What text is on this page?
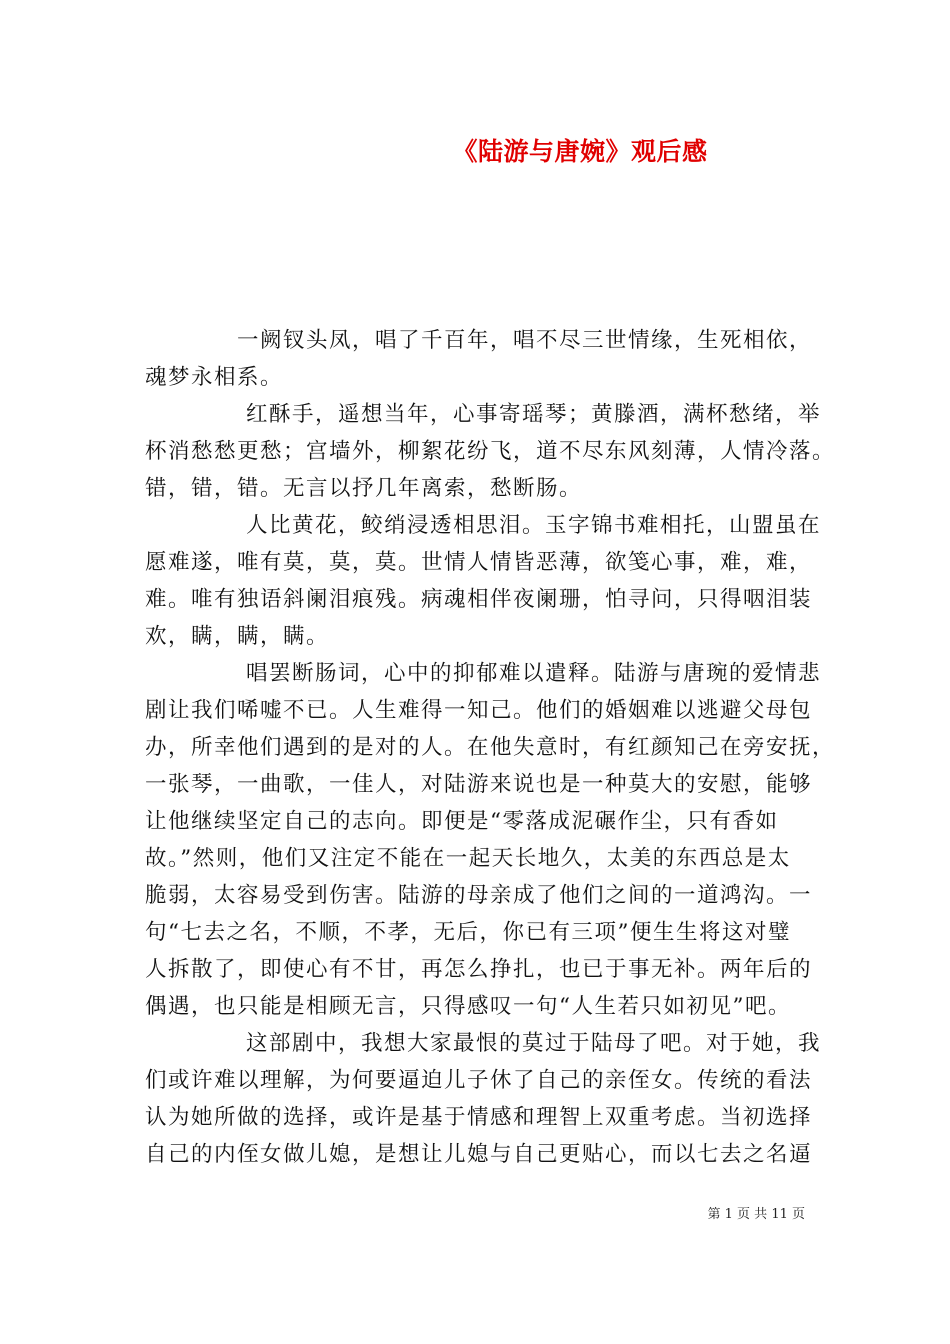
《陆游与唐婉》观后感
一阙钗头凤，唱了千百年，唱不尽三世情缘，生死相依，
魂梦永相系。
红酥手，遥想当年，心事寄瑶琴；黄滕酒，满杯愁绪，举
杯消愁愁更愁；宫墙外，柳絮花纷飞，道不尽东风刻薄，人情冷落。
错，错，错。无言以抒几年离索，愁断肠。
人比黄花，鲛绡浸透相思泪。玉字锦书难相托，山盟虽在
愿难遂，唯有莫，莫，莫。世情人情皆恶薄，欲笺心事，难，难，
难。唯有独语斜阑泪痕残。病魂相伴夜阑珊，怕寻问，只得咽泪装
欢，瞒，瞒，瞒。
唱罢断肠词，心中的抑郁难以遣释。陆游与唐琬的爱情悲
剧让我们唏嘘不已。人生难得一知己。他们的婚姻难以逃避父母包
办，所幸他们遇到的是对的人。在他失意时，有红颜知己在旁安抚，
一张琴，一曲歌，一佳人，对陆游来说也是一种莫大的安慰，能够
让他继续坚定自己的志向。即便是“零落成泥碾作尘，只有香如
故。”然则，他们又注定不能在一起天长地久，太美的东西总是太
脆弱，太容易受到伤害。陆游的母亲成了他们之间的一道鸿沟。一
句“七去之名，不顺，不孝，无后，你已有三项”便生生将这对璧
人拆散了，即使心有不甘，再怎么挣扎，也已于事无补。两年后的
偶遇，也只能是相顾无言，只得感叹一句“人生若只如初见”吧。
这部剧中，我想大家最恨的莫过于陆母了吧。对于她，我
们或许难以理解，为何要逼迫儿子休了自己的亲侄女。传统的看法
认为她所做的选择，或许是基于情感和理智上双重考虑。当初选择
自己的内侄女做儿媳，是想让儿媳与自己更贴心，而以七去之名逼
第 1 页 共 11 页
